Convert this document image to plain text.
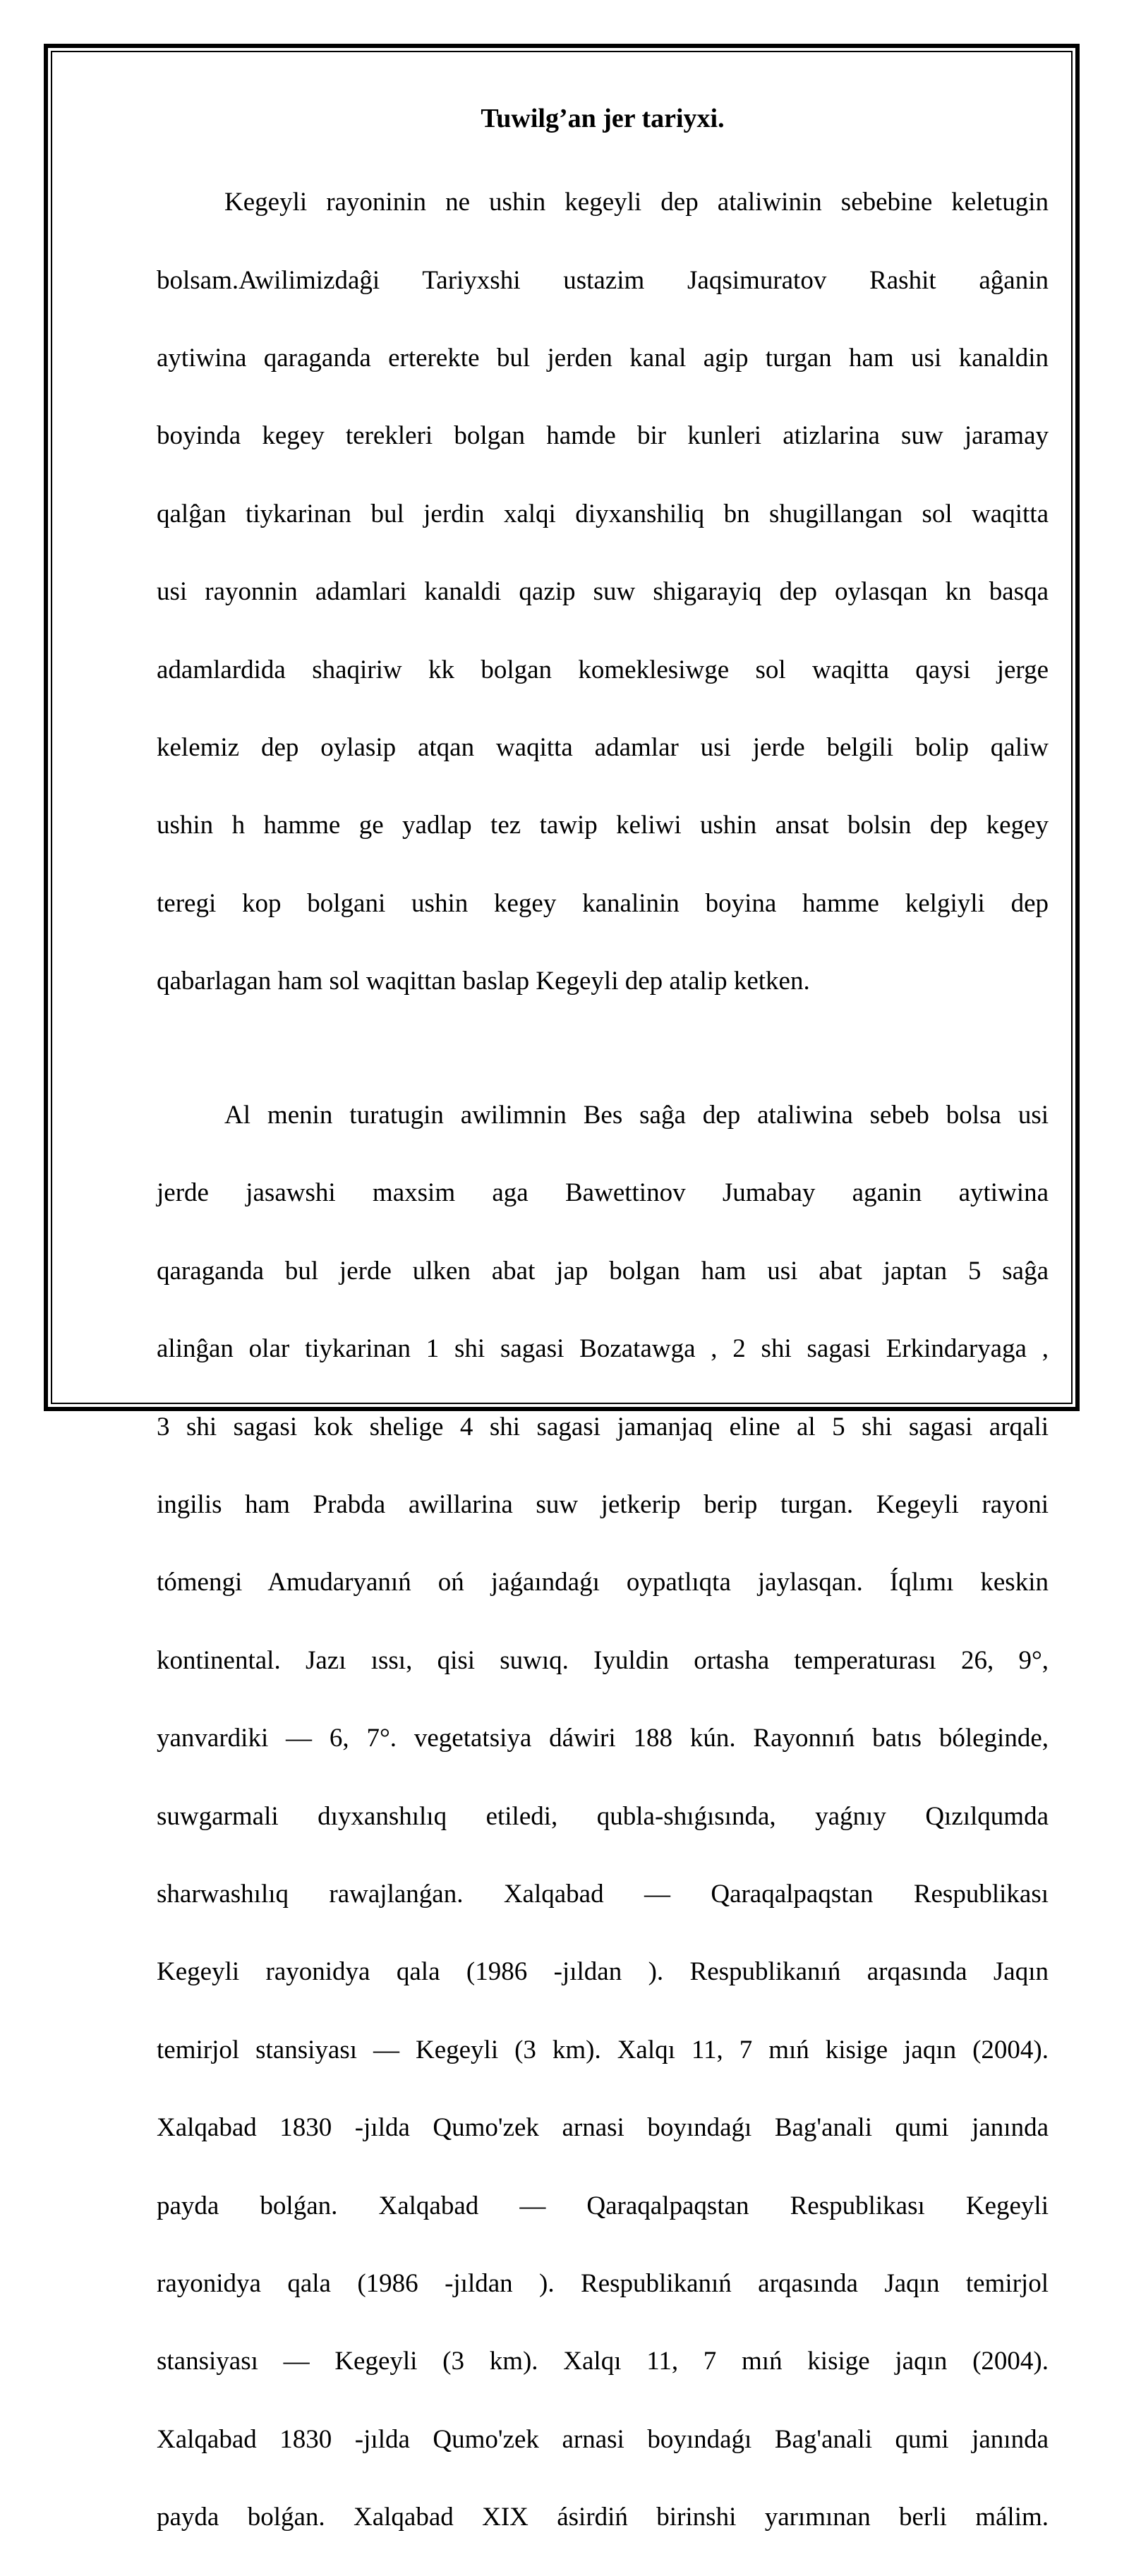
Tuwilg’an jer tariyxi.

Kegeyli rayoninin ne ushin kegeyli dep ataliwinin sebebine keletugin

bolsam.Awilimizdaĝi Tariyxshi ustazim Jaqsimuratov Rashit aĝanin

aytiwina qaraganda erterekte bul jerden kanal agip turgan ham usi kanaldin

boyinda kegey terekleri bolgan hamde bir kunleri atizlarina suw jaramay

qalĝan tiykarinan bul jerdin xalqi diyxanshiliq bn shugillangan sol waqitta

usi rayonnin adamlari kanaldi qazip suw shigarayiq dep oylasqan kn basqa

adamlardida shaqiriw kk bolgan komeklesiwge sol waqitta qaysi jerge

kelemiz dep oylasip atqan waqitta adamlar usi jerde belgili bolip qaliw

ushin h hamme ge yadlap tez tawip keliwi ushin ansat bolsin dep kegey

teregi kop bolgani ushin kegey kanalinin boyina hamme kelgiyli dep

qabarlagan ham sol waqittan baslap Kegeyli dep atalip ketken.

Al menin turatugin awilimnin Bes saĝa dep ataliwina sebeb bolsa usi

jerde jasawshi maxsim aga Bawettinov Jumabay aganin aytiwina

qaraganda bul jerde ulken abat jap bolgan ham usi abat japtan 5 saĝa

alinĝan olar tiykarinan 1 shi sagasi Bozatawga , 2 shi sagasi Erkindaryaga ,

3 shi sagasi kok shelige 4 shi sagasi jamanjaq eline al 5 shi sagasi arqali

ingilis ham Prabda awillarina suw jetkerip berip turgan. Kegeyli rayoni

tómengi Amudaryanıń oń jaǵaındaǵı oypatlıqta jaylasqan. Íqlımı keskin

kontinental. Jazı ıssı, qisi suwıq. Iyuldin ortasha temperaturası 26, 9°,

yanvardiki — 6, 7°. vegetatsiya dáwiri 188 kún. Rayonnıń batıs bóleginde,

suwgarmali dıyxanshılıq etiledi, qubla-shıǵısında, yaǵnıy Qızılqumda

sharwashılıq rawajlanǵan. Xalqabad — Qaraqalpaqstan Respublikası

Kegeyli rayonidya qala (1986 -jıldan ). Respublikanıń arqasında Jaqın

temirjol stansiyası — Kegeyli (3 km). Xalqı 11, 7 mıń kisige jaqın (2004).

Xalqabad 1830 -jılda Qumo'zek arnasi boyındaǵı Bag'anali qumi janında

payda bolǵan. Xalqabad — Qaraqalpaqstan Respublikası Kegeyli

rayonidya qala (1986 -jıldan ). Respublikanıń arqasında Jaqın temirjol

stansiyası — Kegeyli (3 km). Xalqı 11, 7 mıń kisige jaqın (2004).

Xalqabad 1830 -jılda Qumo'zek arnasi boyındaǵı Bag'anali qumi janında

payda bolǵan. Xalqabad XIX ásirdiń birinshi yarımınan berli málim.
